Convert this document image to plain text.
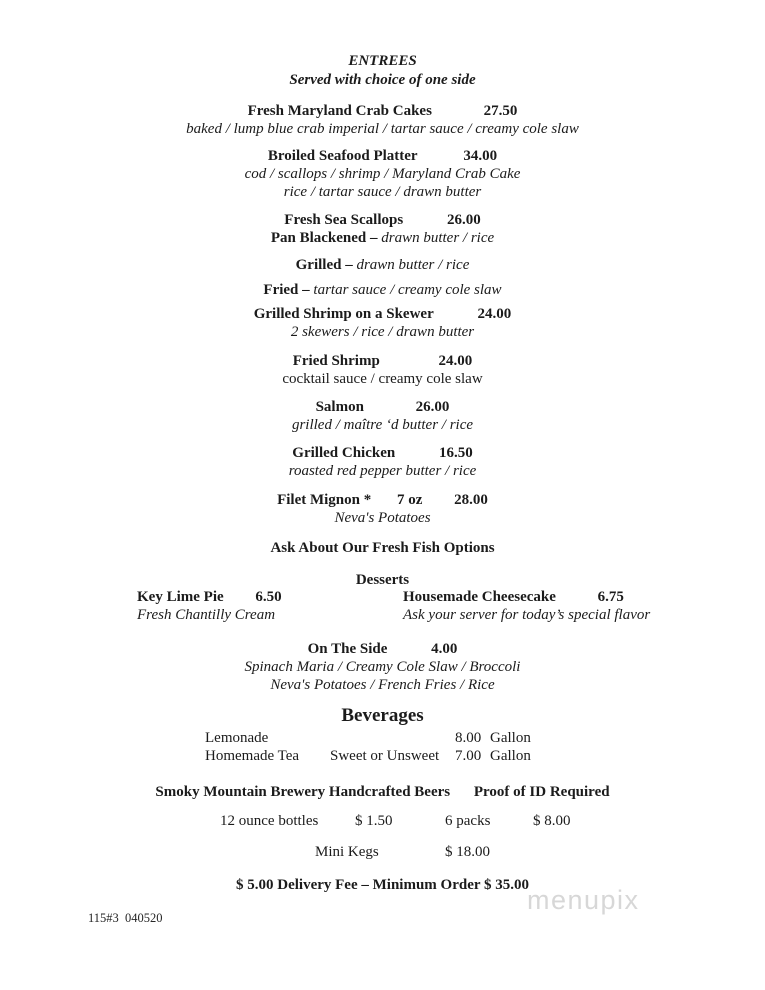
ENTREES
Served with choice of one side
Fresh Maryland Crab Cakes	27.50
baked / lump blue crab imperial / tartar sauce / creamy cole slaw
Broiled Seafood Platter	34.00
cod / scallops / shrimp / Maryland Crab Cake
rice / tartar sauce / drawn butter
Fresh Sea Scallops	26.00
Pan Blackened – drawn butter / rice
Grilled – drawn butter / rice
Fried – tartar sauce / creamy cole slaw
Grilled Shrimp on a Skewer	24.00
2 skewers / rice / drawn butter
Fried Shrimp	24.00
cocktail sauce / creamy cole slaw
Salmon	26.00
grilled / maître ‘d butter / rice
Grilled Chicken	16.50
roasted red pepper butter / rice
Filet Mignon * 7 oz 28.00
Neva's Potatoes
Ask About Our Fresh Fish Options
Desserts
Key Lime Pie 6.50
Fresh Chantilly Cream
Housemade Cheesecake	6.75
Ask your server for today’s special flavor
On The Side	4.00
Spinach Maria / Creamy Cole Slaw / Broccoli
Neva's Potatoes / French Fries / Rice
Beverages
Lemonade	8.00 Gallon
Homemade Tea Sweet or Unsweet 7.00 Gallon
Smoky Mountain Brewery Handcrafted Beers Proof of ID Required
12 ounce bottles $ 1.50	6 packs	$ 8.00
Mini Kegs	$ 18.00
$ 5.00 Delivery Fee – Minimum Order $ 35.00
115#3  040520
menupix
